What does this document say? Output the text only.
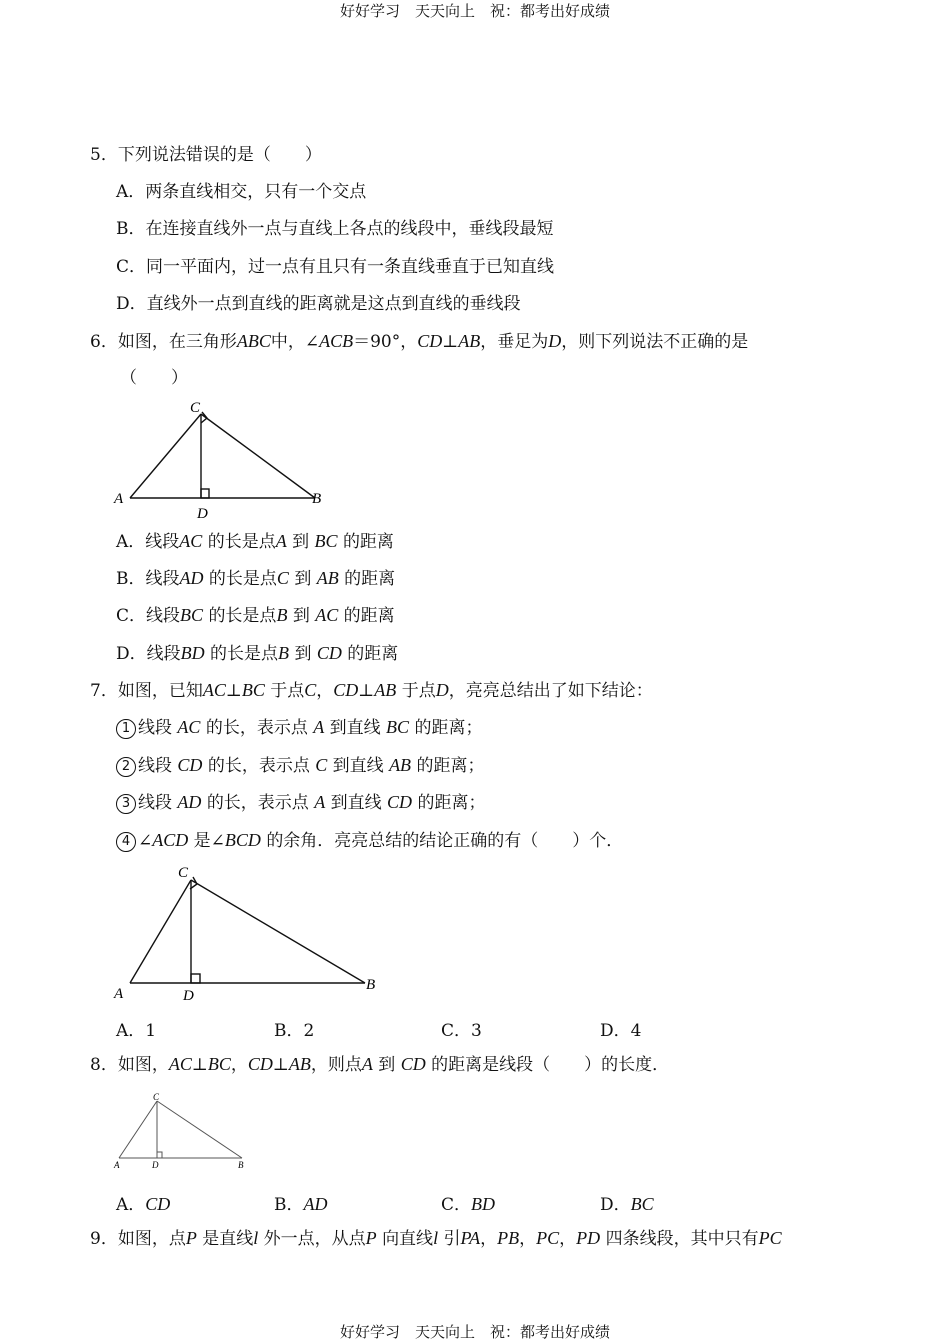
好好学习　天天向上　祝：都考出好成绩
5．下列说法错误的是（　　）
A．两条直线相交，只有一个交点
B．在连接直线外一点与直线上各点的线段中，垂线段最短
C．同一平面内，过一点有且只有一条直线垂直于已知直线
D．直线外一点到直线的距离就是这点到直线的垂线段
6．如图，在三角形ABC中，∠ACB＝90°，CD⊥AB，垂足为D，则下列说法不正确的是
（　　）
A	B
C
D
A．线段AC 的长是点A 到 BC 的距离
B．线段AD 的长是点C 到 AB 的距离
C．线段BC 的长是点B 到 AC 的距离
D．线段BD 的长是点B 到 CD 的距离
7．如图，已知AC⊥BC 于点C，CD⊥AB 于点D，亮亮总结出了如下结论：
1 线段 AC 的长，表示点 A 到直线 BC 的距离；
2 线段 CD 的长，表示点 C 到直线 AB 的距离；
3 线段 AD 的长，表示点 A 到直线 CD 的距离；
4 ∠ACD 是∠BCD 的余角．亮亮总结的结论正确的有（　　）个．
A
B
C
D
A．1	B．2	C．3	D．4
8．如图，AC⊥BC，CD⊥AB，则点A 到 CD 的距离是线段（　　）的长度．
A	B
C
D
A．CD	B．AD	C．BD	D．BC
9．如图，点P 是直线l 外一点，从点P 向直线l 引PA，PB，PC，PD 四条线段，其中只有PC
好好学习　天天向上　祝：都考出好成绩
